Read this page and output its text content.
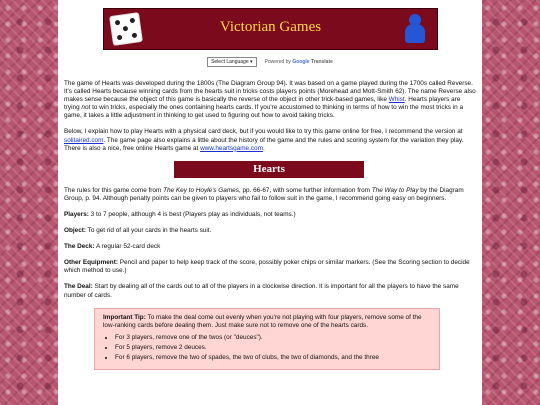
Victorian Games
Select Language ▾	Powered by Google Translate

The game of Hearts was developed during the 1800s (The Diagram Group 94). It was based on a game played during the 1700s called Reverse. It's called Hearts because winning cards from the hearts suit in tricks costs players points (Morehead and Mott-Smith 62). The name Reverse also makes sense because the object of this game is basically the reverse of the object in other trick-based games, like Whist. Hearts players are trying not to win tricks, especially the ones containing hearts cards. If you're accustomed to thinking in terms of how to win the most tricks in a game, it takes a little adjustment in thinking to get used to figuring out how to avoid taking tricks.

Below, I explain how to play Hearts with a physical card deck, but if you would like to try this game online for free, I recommend the version at solitaired.com. The game page also explains a little about the history of the game and the rules and scoring system for the variation they play. There is also a nice, free online Hearts game at www.heartsgame.com.

Hearts

The rules for this game come from The Key to Hoyle's Games, pp. 66-67, with some further information from The Way to Play by the Diagram Group, p. 94. Although penalty points can be given to players who fail to follow suit in the game, I recommend going easy on beginners.

Players: 3 to 7 people, although 4 is best (Players play as individuals, not teams.)

Object: To get rid of all your cards in the hearts suit.

The Deck: A regular 52-card deck

Other Equipment: Pencil and paper to help keep track of the score, possibly poker chips or similar markers. (See the Scoring section to decide which method to use.)

The Deal: Start by dealing all of the cards out to all of the players in a clockwise direction. It is important for all the players to have the same number of cards.

Important Tip: To make the deal come out evenly when you're not playing with four players, remove some of the low-ranking cards before dealing them. Just make sure not to remove one of the hearts cards.
• For 3 players, remove one of the twos (or "deuces").
• For 5 players, remove 2 deuces.
• For 6 players, remove the two of spades, the two of clubs, the two of diamonds, and the three
